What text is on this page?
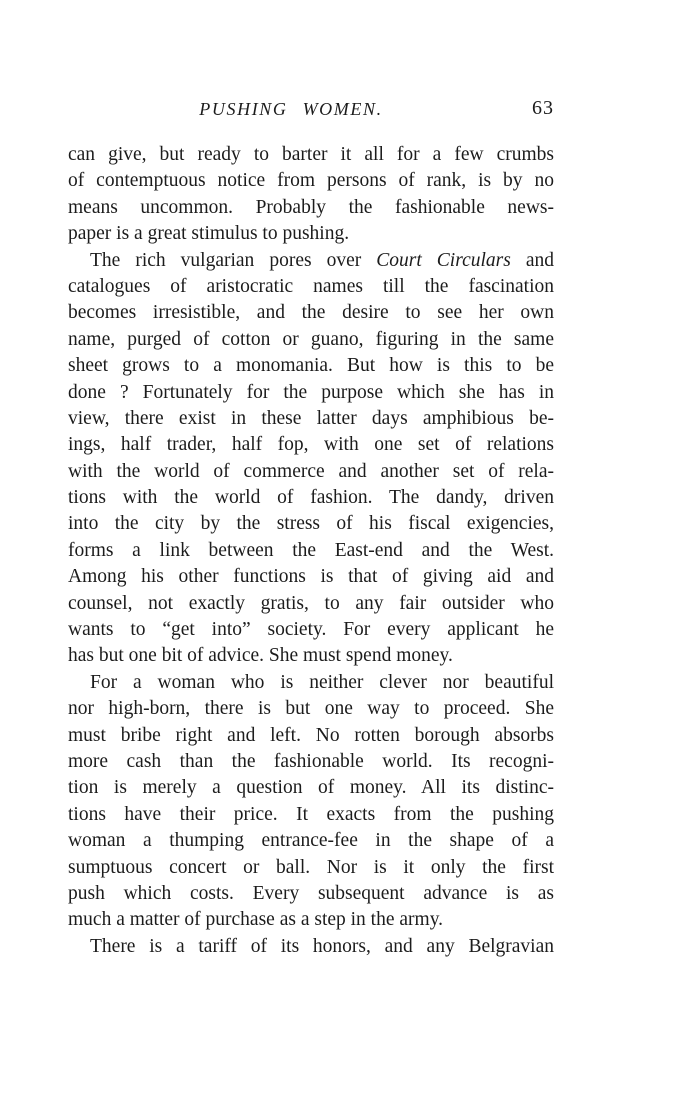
PUSHING WOMEN.	63
can give, but ready to barter it all for a few crumbs
of contemptuous notice from persons of rank, is by no
means uncommon. Probably the fashionable news-
paper is a great stimulus to pushing.
The rich vulgarian pores over Court Circulars and
catalogues of aristocratic names till the fascination
becomes irresistible, and the desire to see her own
name, purged of cotton or guano, figuring in the same
sheet grows to a monomania. But how is this to be
done ? Fortunately for the purpose which she has in
view, there exist in these latter days amphibious be-
ings, half trader, half fop, with one set of relations
with the world of commerce and another set of rela-
tions with the world of fashion. The dandy, driven
into the city by the stress of his fiscal exigencies,
forms a link between the East-end and the West.
Among his other functions is that of giving aid and
counsel, not exactly gratis, to any fair outsider who
wants to “get into” society. For every applicant he
has but one bit of advice. She must spend money.
For a woman who is neither clever nor beautiful
nor high-born, there is but one way to proceed. She
must bribe right and left. No rotten borough absorbs
more cash than the fashionable world. Its recogni-
tion is merely a question of money. All its distinc-
tions have their price. It exacts from the pushing
woman a thumping entrance-fee in the shape of a
sumptuous concert or ball. Nor is it only the first
push which costs. Every subsequent advance is as
much a matter of purchase as a step in the army.
There is a tariff of its honors, and any Belgravian
